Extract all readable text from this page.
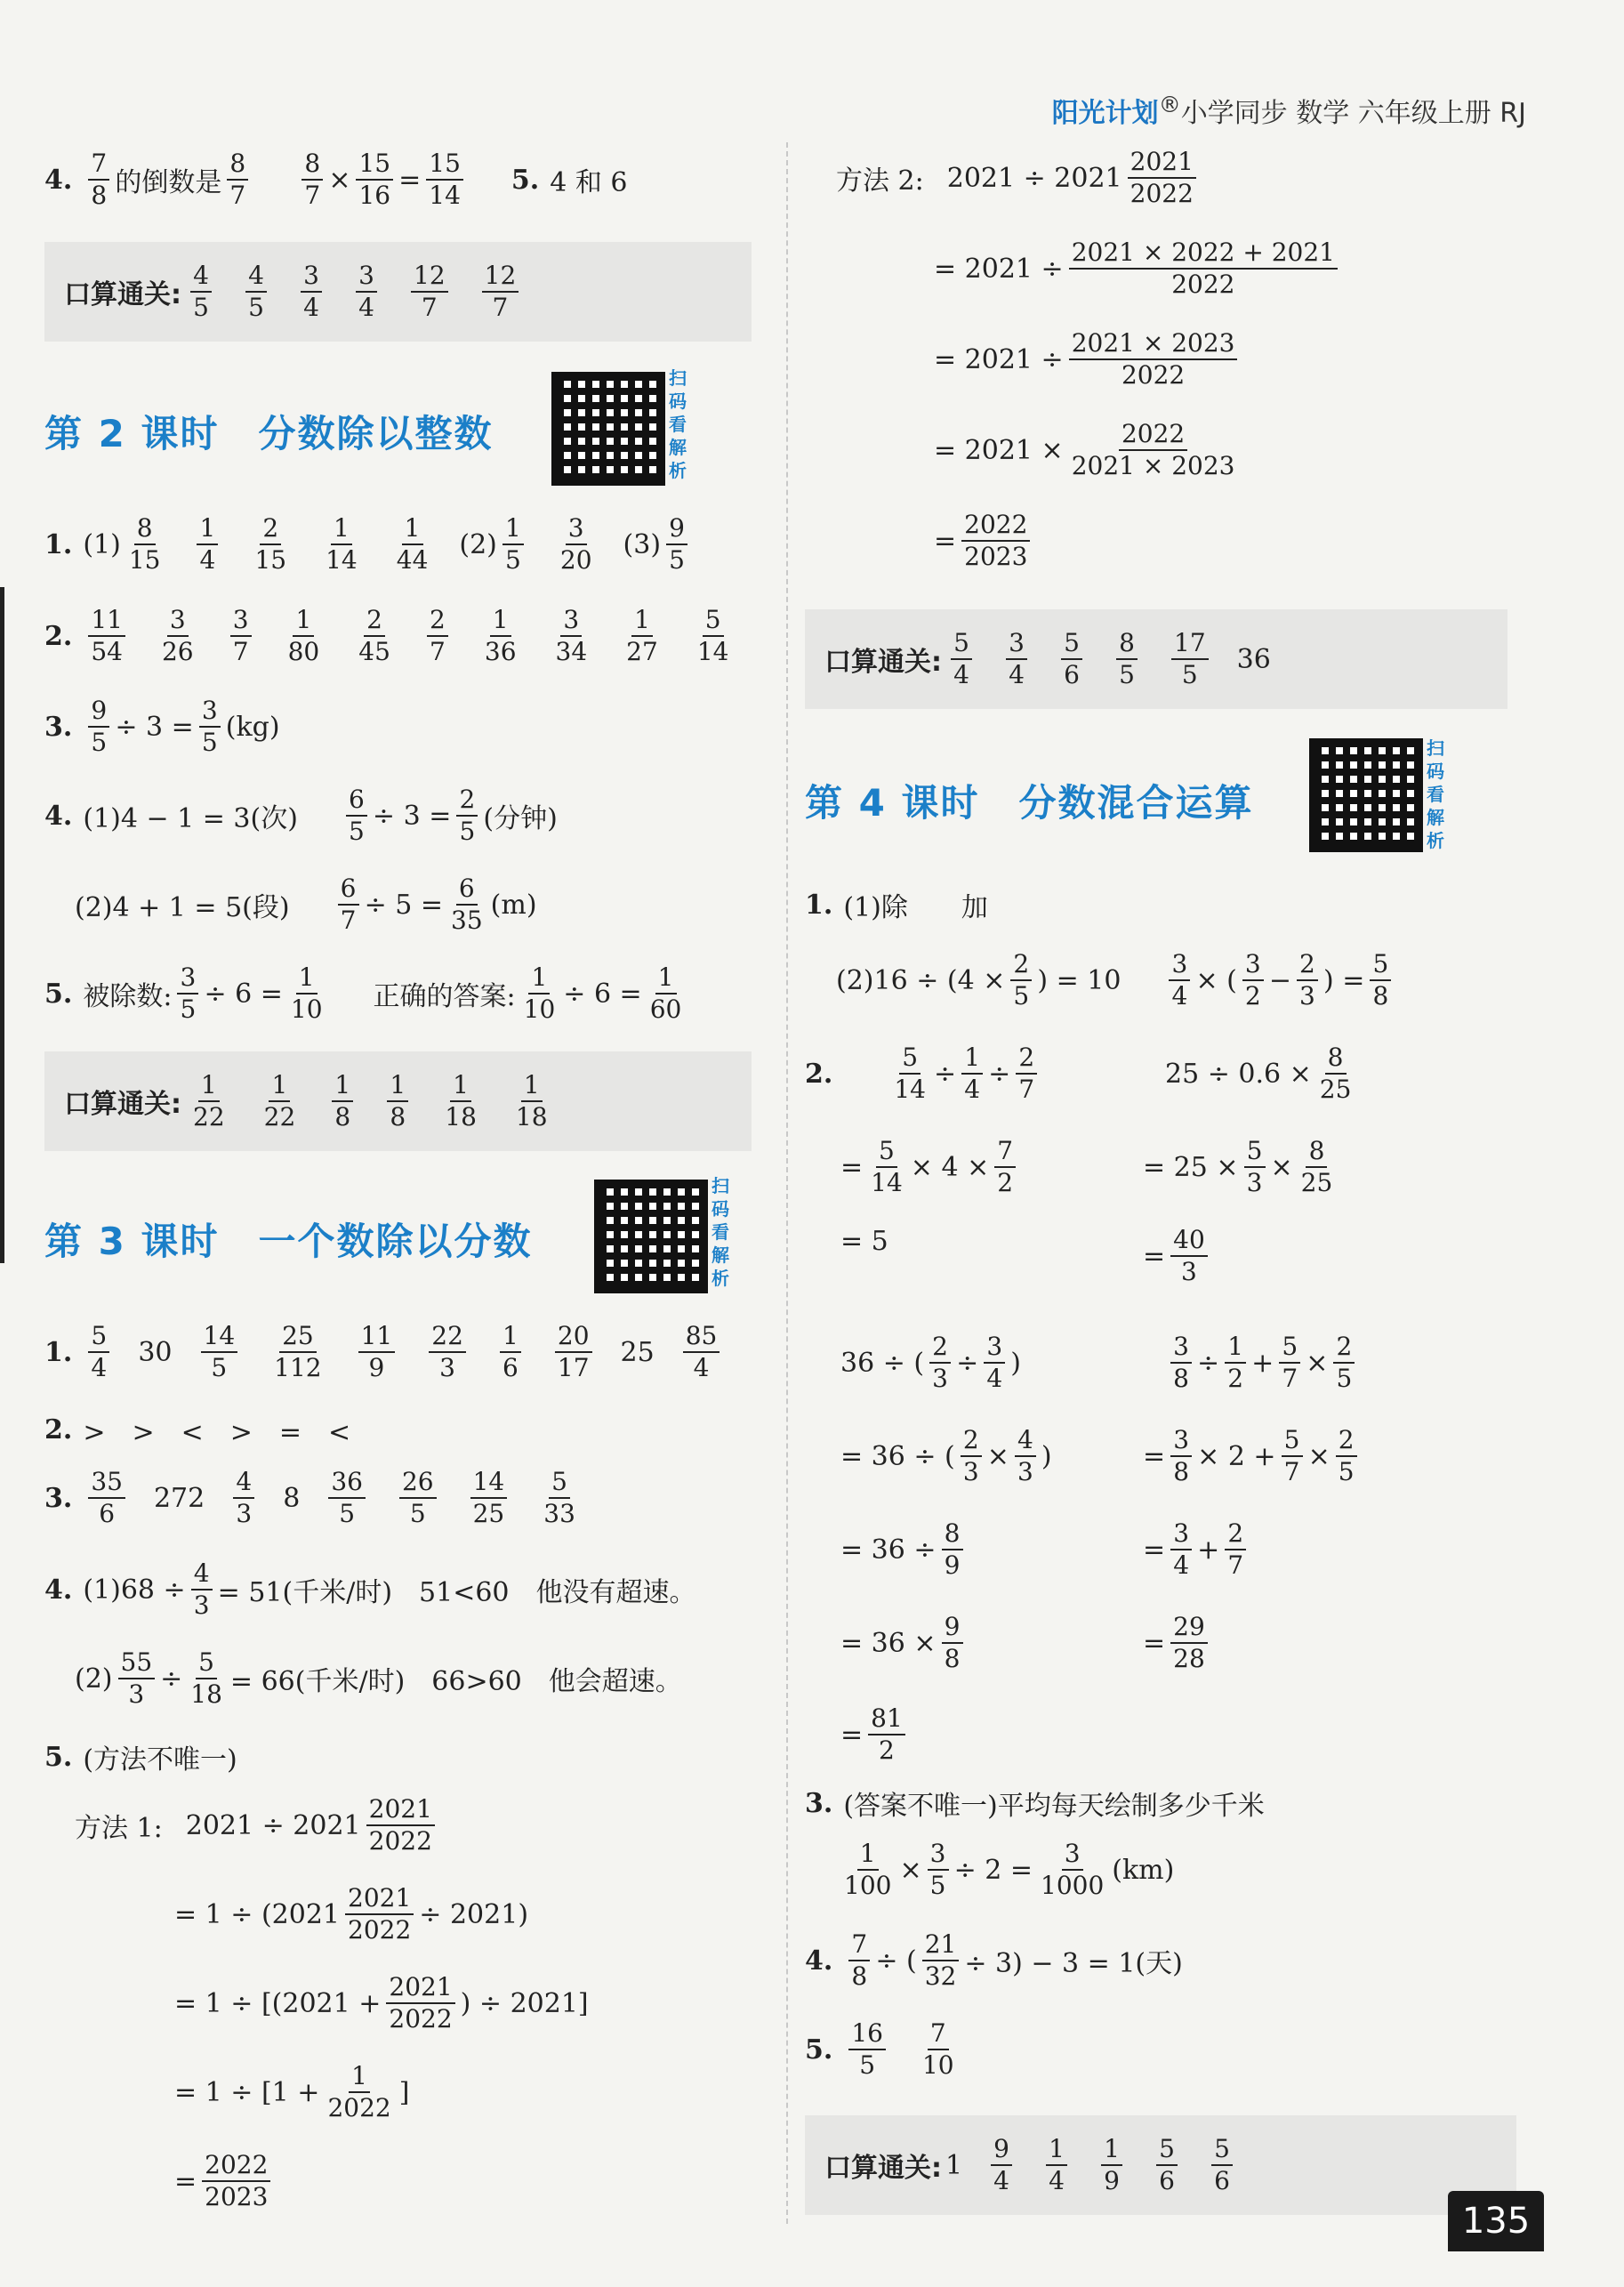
阳光计划®小学同步 数学 六年级上册 RJ
4. $\frac{7}{8}$ 的倒数是 $\frac{8}{7} \frac{8}{7} \times \frac{15}{16} = \frac{15}{14} 5$. 4 和 6
口算通关: $\frac{4}{5} \frac{4}{5} \frac{3}{4} \frac{3}{4} \frac{12}{7} \frac{12}{7}$
第 2 课时　分数除以整数
扫码看解析
1. $(1) \frac{8}{15} \frac{1}{4} \frac{2}{15} \frac{1}{14} \frac{1}{44} (2) \frac{1}{5} \frac{3}{20} (3) \frac{9}{5}$
2. $\frac{11}{54} \frac{3}{26} \frac{3}{7} \frac{1}{80} \frac{2}{45} \frac{2}{7} \frac{1}{36} \frac{3}{34} \frac{1}{27} \frac{5}{14}$
3. $\frac{9}{5} \div 3 = \frac{3}{5} (kg)$
4. (1)4 − 1 = 3(次) $\frac{6}{5} \div 3 = \frac{2}{5}$ (分钟)
(2)4 + 1 = 5(段) $\frac{6}{7} \div 5 = \frac{6}{35} (m)$
5. 被除数: $\frac{3}{5} \div 6 = \frac{1}{10}$ 正确的答案: $\frac{1}{10} \div 6 = \frac{1}{60}$
口算通关: $\frac{1}{22} \frac{1}{22} \frac{1}{8} \frac{1}{8} \frac{1}{18} \frac{1}{18}$
第 3 课时　一个数除以分数
扫码看解析
1. $\frac{5}{4} 30 \frac{14}{5} \frac{25}{112} \frac{11}{9} \frac{22}{3} \frac{1}{6} \frac{20}{17} 25 \frac{85}{4}$
2. >　>　<　>　=　<
3. $\frac{35}{6} 272 \frac{4}{3} 8 \frac{36}{5} \frac{26}{5} \frac{14}{25} \frac{5}{33}$
4. $(1)68 \div \frac{4}{3} = 51$(千米/时)　51<60　他没有超速。
$(2) \frac{55}{3} \div \frac{5}{18} = 66$(千米/时)　66>60　他会超速。
5. (方法不唯一)
方法 1: $2021 \div 2021 \frac{2021}{2022}$
= $1 \div (2021 \frac{2021}{2022} \div 2021)$
= $1 \div [(2021 + \frac{2021}{2022}$ ) ÷ 2021]
= $1 \div [1 + \frac{1}{2022}$ ]
= $\frac{2022}{2023}$
方法 2: $2021 \div 2021 \frac{2021}{2022}$
= $2021 \div \frac{2021 \times 2022 + 2021}{2022}$
= $2021 \div \frac{2021 \times 2023}{2022}$
= $2021 \times \frac{2022}{2021 \times 2023}$
= $\frac{2022}{2023}$
口算通关: $\frac{5}{4} \frac{3}{4} \frac{5}{6} \frac{8}{5} \frac{17}{5} 36$
第 4 课时　分数混合运算
扫码看解析
1. (1)除　　加
$(2)16 \div (4 \times \frac{2}{5}$ ) = $10 \frac{3}{4}$ × ( $\frac{3}{2} - \frac{2}{3}$ ) = $\frac{5}{8}$
2. $\frac{5}{14} \div \frac{1}{4} \div \frac{2}{7}$
= $\frac{5}{14} \times 4 \times \frac{7}{2}$
= 5
36 ÷ ( $\frac{2}{3} \div \frac{3}{4}$ )
= 36 ÷ ( $\frac{2}{3} \times \frac{4}{3}$ )
= $36 \div \frac{8}{9}$
= $36 \times \frac{9}{8}$
= $\frac{81}{2}$
$25 \div 0.6 \times \frac{8}{25}$
= $25 \times \frac{5}{3} \times \frac{8}{25}$
= $\frac{40}{3}$
$\frac{3}{8} \div \frac{1}{2} + \frac{5}{7} \times \frac{2}{5}$
= $\frac{3}{8} \times 2 + \frac{5}{7} \times \frac{2}{5}$
= $\frac{3}{4} + \frac{2}{7}$
= $\frac{29}{28}$
3. (答案不唯一)平均每天绘制多少千米
$\frac{1}{100} \times \frac{3}{5} \div 2 = \frac{3}{1000} (km)$
4. $\frac{7}{8}$ ÷ ( $\frac{21}{32} \div 3) - 3 = 1$(天)
5. $\frac{16}{5} \frac{7}{10}$
口算通关: $1 \frac{9}{4} \frac{1}{4} \frac{1}{9} \frac{5}{6} \frac{5}{6}$
135
